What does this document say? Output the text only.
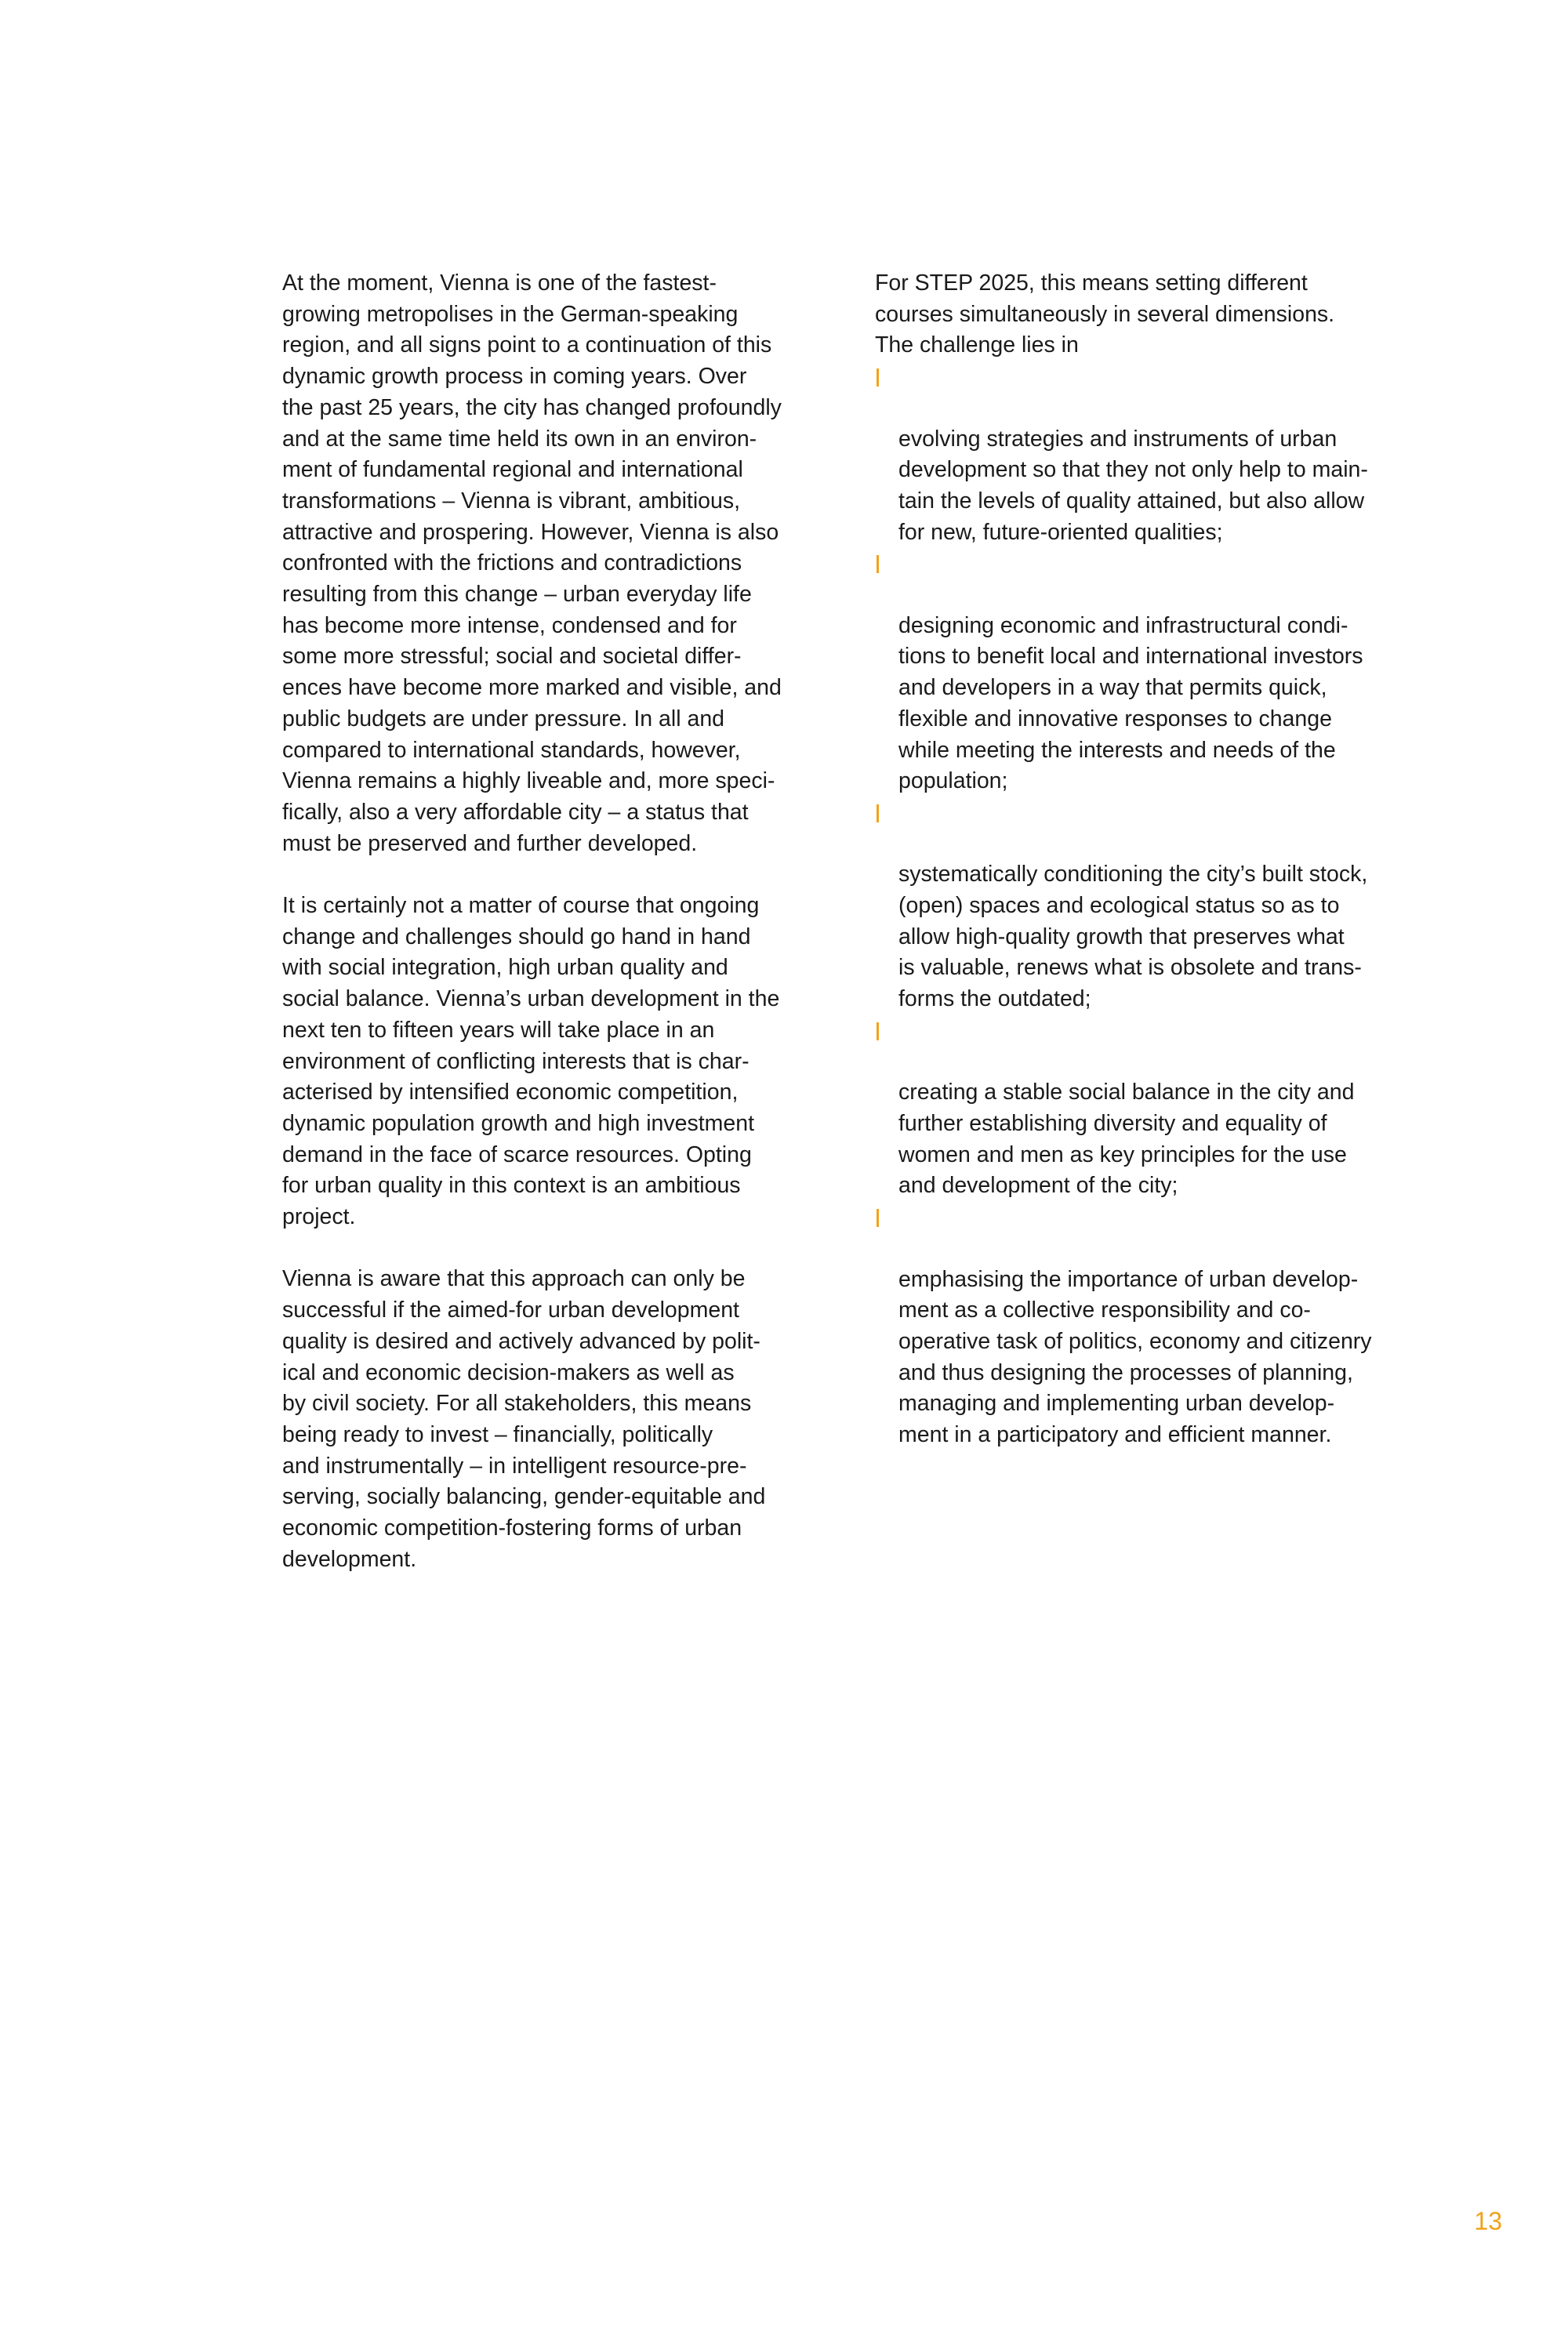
At the moment, Vienna is one of the fastest-
growing metropolises in the German-speaking
region, and all signs point to a continuation of this
dynamic growth process in coming years. Over
the past 25 years, the city has changed profoundly
and at the same time held its own in an environ-
ment of fundamental regional and international
transformations – Vienna is vibrant, ambitious,
attractive and prospering. However, Vienna is also
confronted with the frictions and contradictions
resulting from this change – urban everyday life
has become more intense, condensed and for
some more stressful; social and societal differ-
ences have become more marked and visible, and
public budgets are under pressure. In all and
compared to international standards, however,
Vienna remains a highly liveable and, more speci-
fically, also a very affordable city – a status that
must be preserved and further developed.

It is certainly not a matter of course that ongoing
change and challenges should go hand in hand
with social integration, high urban quality and
social balance. Vienna’s urban development in the
next ten to fifteen years will take place in an
environment of conflicting interests that is char-
acterised by intensified economic competition,
dynamic population growth and high investment
demand in the face of scarce resources. Opting
for urban quality in this context is an ambitious
project.

Vienna is aware that this approach can only be
successful if the aimed-for urban development
quality is desired and actively advanced by polit-
ical and economic decision-makers as well as
by civil society. For all stakeholders, this means
being ready to invest – financially, politically
and instrumentally – in intelligent resource-pre-
serving, socially balancing, gender-equitable and
economic competition-fostering forms of urban
development.

For STEP 2025, this means setting different
courses simultaneously in several dimensions.
The challenge lies in

evolving strategies and instruments of urban
development so that they not only help to main-
tain the levels of quality attained, but also allow
for new, future-oriented qualities;

designing economic and infrastructural condi-
tions to benefit local and international investors
and developers in a way that permits quick,
flexible and innovative responses to change
while meeting the interests and needs of the
population;

systematically conditioning the city’s built stock,
(open) spaces and ecological status so as to
allow high-quality growth that preserves what
is valuable, renews what is obsolete and trans-
forms the outdated;

creating a stable social balance in the city and
further establishing diversity and equality of
women and men as key principles for the use
and development of the city;

emphasising the importance of urban develop-
ment as a collective responsibility and co-
operative task of politics, economy and citizenry
and thus designing the processes of planning,
managing and implementing urban develop-
ment in a participatory and efficient manner.

13
